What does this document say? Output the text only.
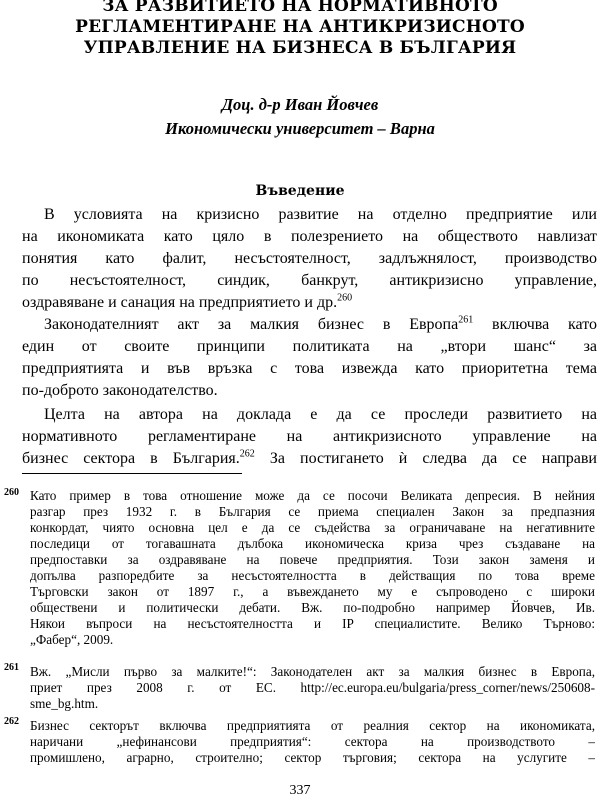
ЗА РАЗВИТИЕТО НА НОРМАТИВНОТО
РЕГЛАМЕНТИРАНЕ НА АНТИКРИЗИСНОТО
УПРАВЛЕНИЕ НА БИЗНЕСА В БЪЛГАРИЯ
Доц. д-р Иван Йовчев
Икономически университет – Варна
Въведение
В условията на кризисно развитие на отделно предприятие или
на икономиката като цяло в полезрението на обществото навлизат
понятия като фалит, несъстоятелност, задлъжнялост, производство
по несъстоятелност, синдик, банкрут, антикризисно управление,
оздравяване и санация на предприятието и др.$^{260}$
Законодателният акт за малкия бизнес в Европа$^{261}$ включва като
един от своите принципи политиката на „втори шанс“ за
предприятията и във връзка с това извежда като приоритетна тема
по-доброто законодателство.
Целта на автора на доклада е да се проследи развитието на
нормативното регламентиране на антикризисното управление на
бизнес сектора в България.$^{262}$ За постигането ѝ следва да се направи
260 Като пример в това отношение може да се посочи Великата депресия. В нейния
разгар през 1932 г. в България се приема специален Закон за предпазния
конкордат, чиято основна цел е да се съдейства за ограничаване на негативните
последици от тогавашната дълбока икономическа криза чрез създаване на
предпоставки за оздравяване на повече предприятия. Този закон заменя и
допълва разпоредбите за несъстоятелността в действащия по това време
Търговски закон от 1897 г., а въвеждането му е съпроводено с широки
обществени и политически дебати. Вж. по-подробно например Йовчев, Ив.
Някои въпроси на несъстоятелността и IP специалистите. Велико Търново:
„Фабер“, 2009.
261 Вж. „Мисли първо за малките!“: Законодателен акт за малкия бизнес в Европа,
приет през 2008 г. от ЕС. http://ec.europa.eu/bulgaria/press_corner/news/250608-
sme_bg.htm.
262 Бизнес секторът включва предприятията от реалния сектор на икономиката,
наричани „нефинансови предприятия“: сектора на производството –
промишлено, аграрно, строително; сектор търговия; сектора на услугите –
337
